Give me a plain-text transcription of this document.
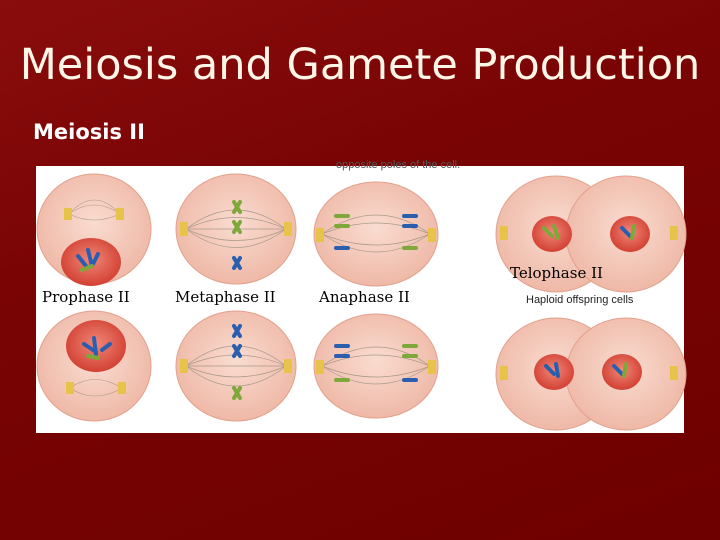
Meiosis and Gamete Production
Meiosis II
opposite poles of the cell.
Haploid offspring cells
Prophase II	Metaphase II	Anaphase II
Telophase II
